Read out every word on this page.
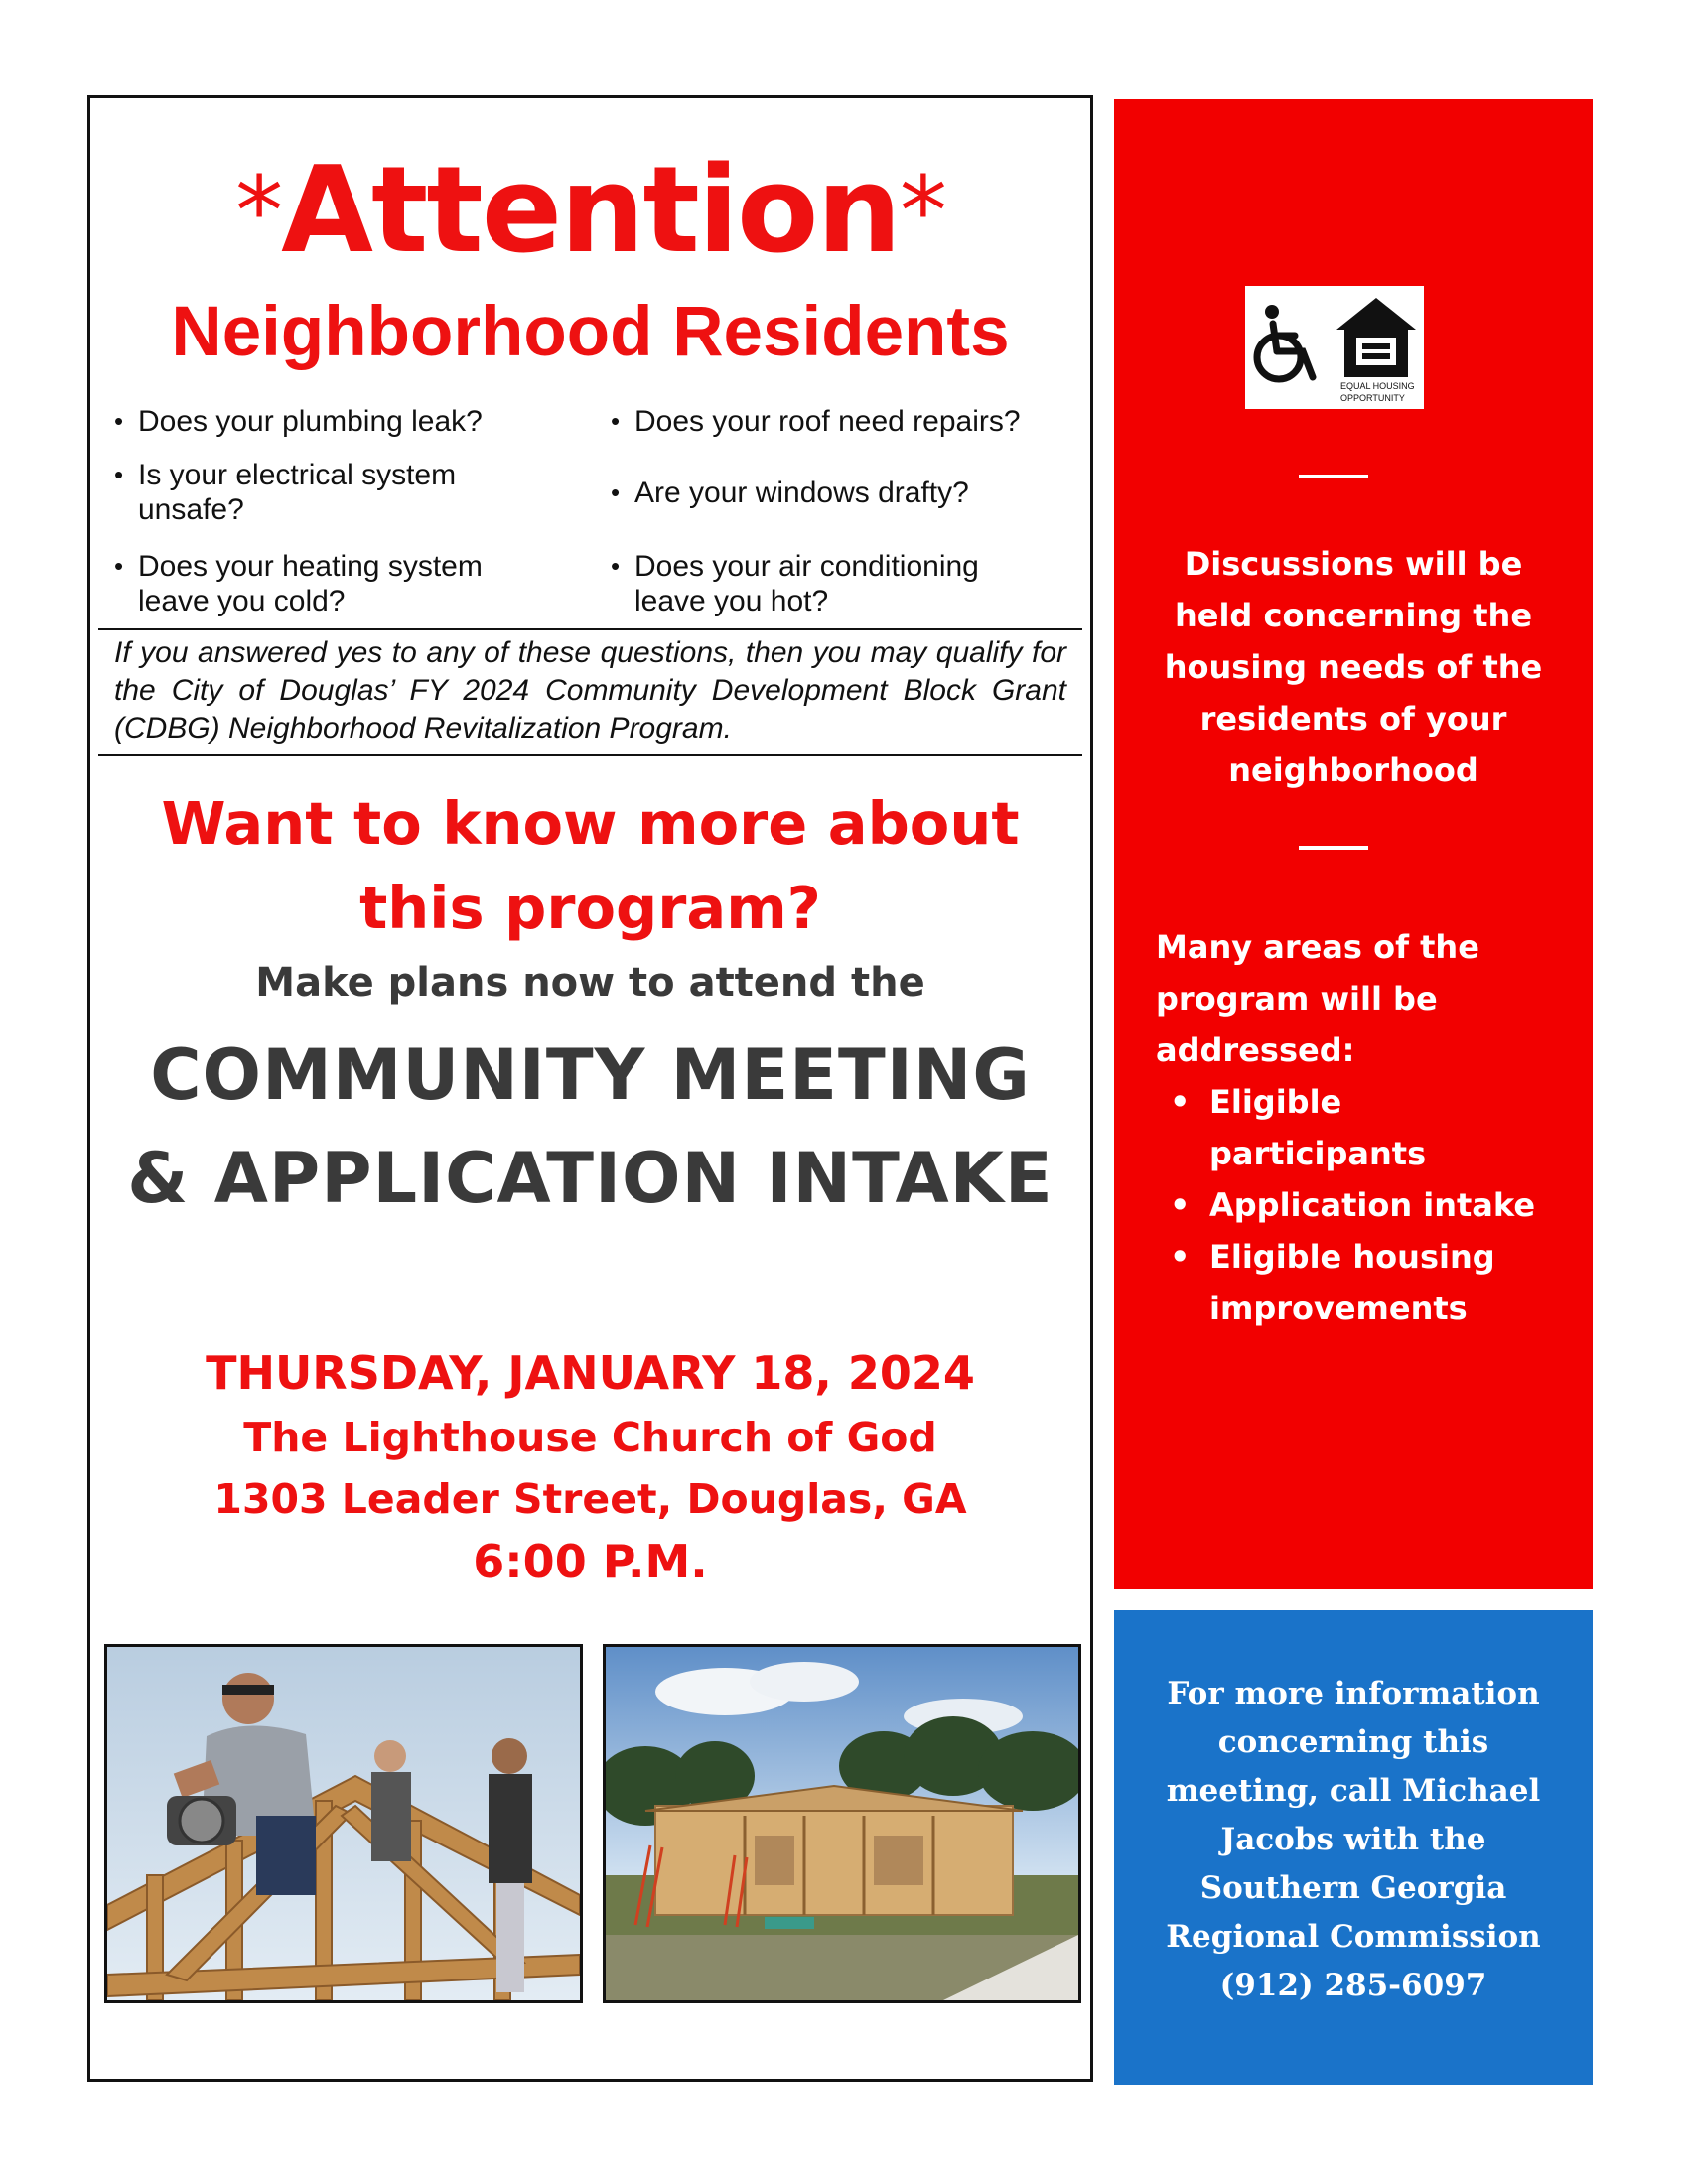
*Attention*
Neighborhood Residents
• Does your plumbing leak?
• Is your electrical system unsafe?
• Does your heating system leave you cold?
• Does your roof need repairs?
• Are your windows drafty?
• Does your air conditioning leave you hot?
If you answered yes to any of these questions, then you may qualify for the City of Douglas’ FY 2024 Community Development Block Grant (CDBG) Neighborhood Revitalization Program.
Want to know more about
this program?
Make plans now to attend the
COMMUNITY MEETING
& APPLICATION INTAKE
THURSDAY, JANUARY 18, 2024
The Lighthouse Church of God
1303 Leader Street, Douglas, GA
6:00 P.M.
EQUAL HOUSING
OPPORTUNITY
Discussions will be
held concerning the
housing needs of the
residents of your
neighborhood
Many areas of the
program will be
addressed:
• Eligible participants
• Application intake
• Eligible housing improvements
For more information
concerning this
meeting, call Michael
Jacobs with the
Southern Georgia
Regional Commission
(912) 285-6097
